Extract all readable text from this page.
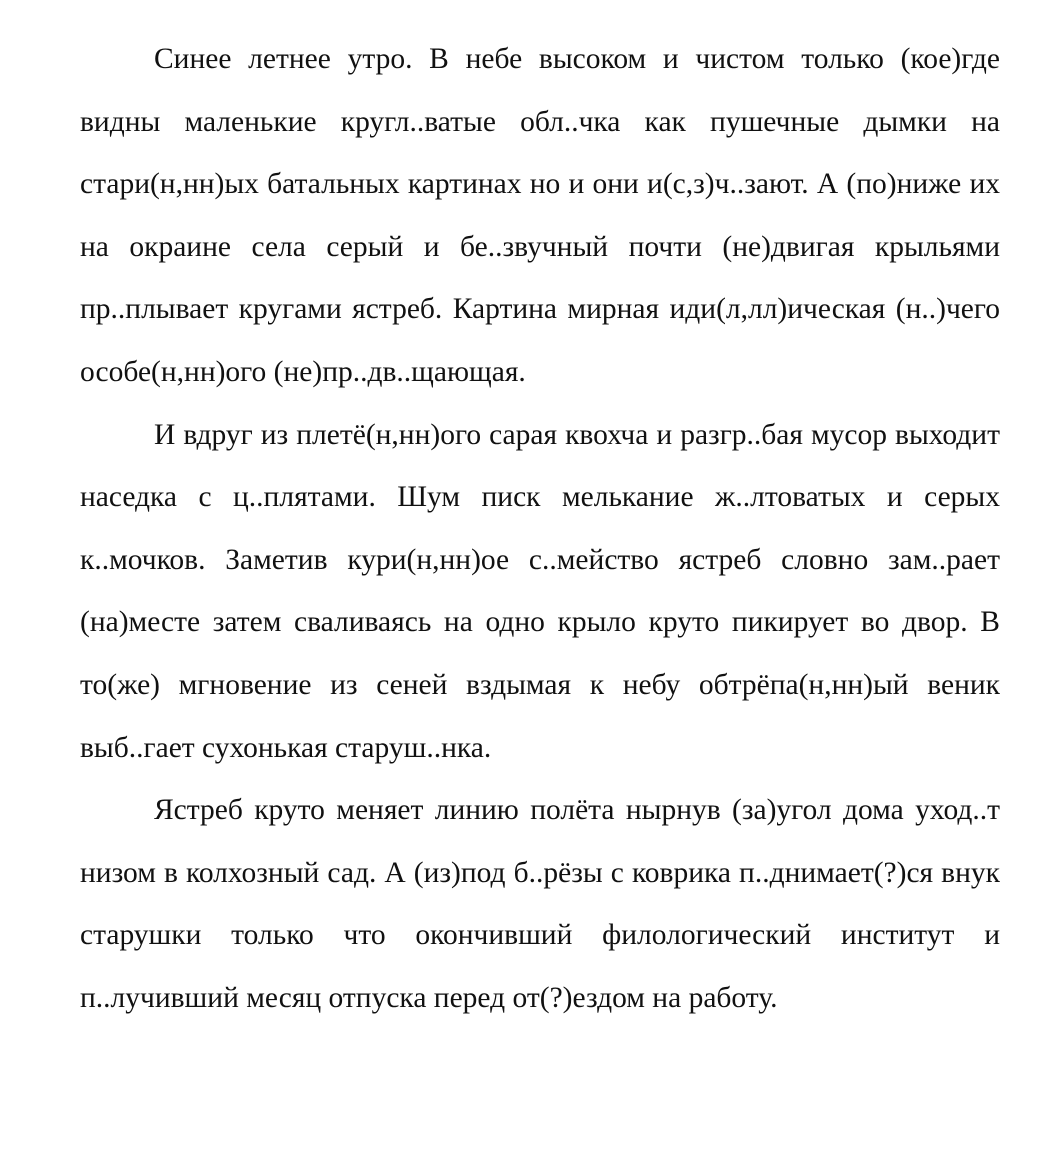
Синее летнее утро. В небе высоком и чистом только (кое)где видны маленькие кругл..ватые обл..чка как пушечные дымки на стари(н,нн)ых батальных картинах но и они и(с,з)ч..зают. А (по)ниже их на окраине села серый и бе..звучный почти (не)двигая крыльями пр..плывает кругами ястреб. Картина мирная иди(л,лл)ическая (н..)чего особе(н,нн)ого (не)пр..дв..щающая.

И вдруг из плетё(н,нн)ого сарая квохча и разгр..бая мусор выходит наседка с ц..плятами. Шум писк мелькание ж..лтоватых и серых к..мочков. Заметив кури(н,нн)ое с..мейство ястреб словно зам..рает (на)месте затем сваливаясь на одно крыло круто пикирует во двор. В то(же) мгновение из сеней вздымая к небу обтрёпа(н,нн)ый веник выб..гает сухонькая старуш..нка.

Ястреб круто меняет линию полёта нырнув (за)угол дома уход..т низом в колхозный сад. А (из)под б..рёзы с коврика п..днимает(?)ся внук старушки только что окончивший филологический институт и п..лучивший месяц отпуска перед от(?)ездом на работу.
